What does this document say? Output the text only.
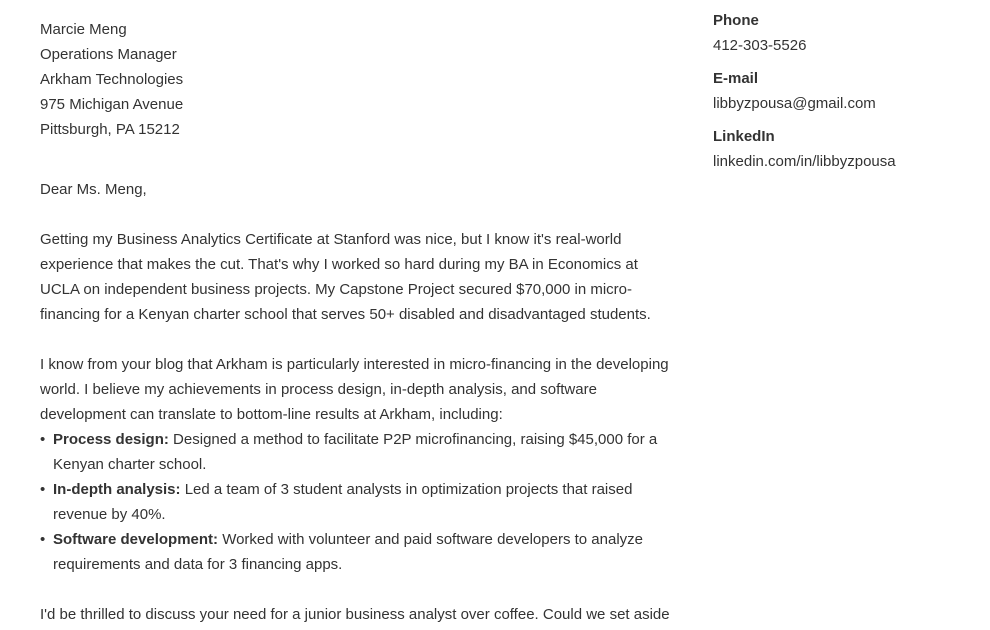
Marcie Meng
Operations Manager
Arkham Technologies
975 Michigan Avenue
Pittsburgh, PA 15212
Dear Ms. Meng,
Getting my Business Analytics Certificate at Stanford was nice, but I know it's real-world experience that makes the cut. That's why I worked so hard during my BA in Economics at UCLA on independent business projects. My Capstone Project secured $70,000 in micro-financing for a Kenyan charter school that serves 50+ disabled and disadvantaged students.
I know from your blog that Arkham is particularly interested in micro-financing in the developing world. I believe my achievements in process design, in-depth analysis, and software development can translate to bottom-line results at Arkham, including:
• Process design: Designed a method to facilitate P2P microfinancing, raising $45,000 for a Kenyan charter school.
• In-depth analysis: Led a team of 3 student analysts in optimization projects that raised revenue by 40%.
• Software development: Worked with volunteer and paid software developers to analyze requirements and data for 3 financing apps.
I'd be thrilled to discuss your need for a junior business analyst over coffee. Could we set aside
Phone
412-303-5526
E-mail
libbyzpousa@gmail.com
LinkedIn
linkedin.com/in/libbyzpousa
